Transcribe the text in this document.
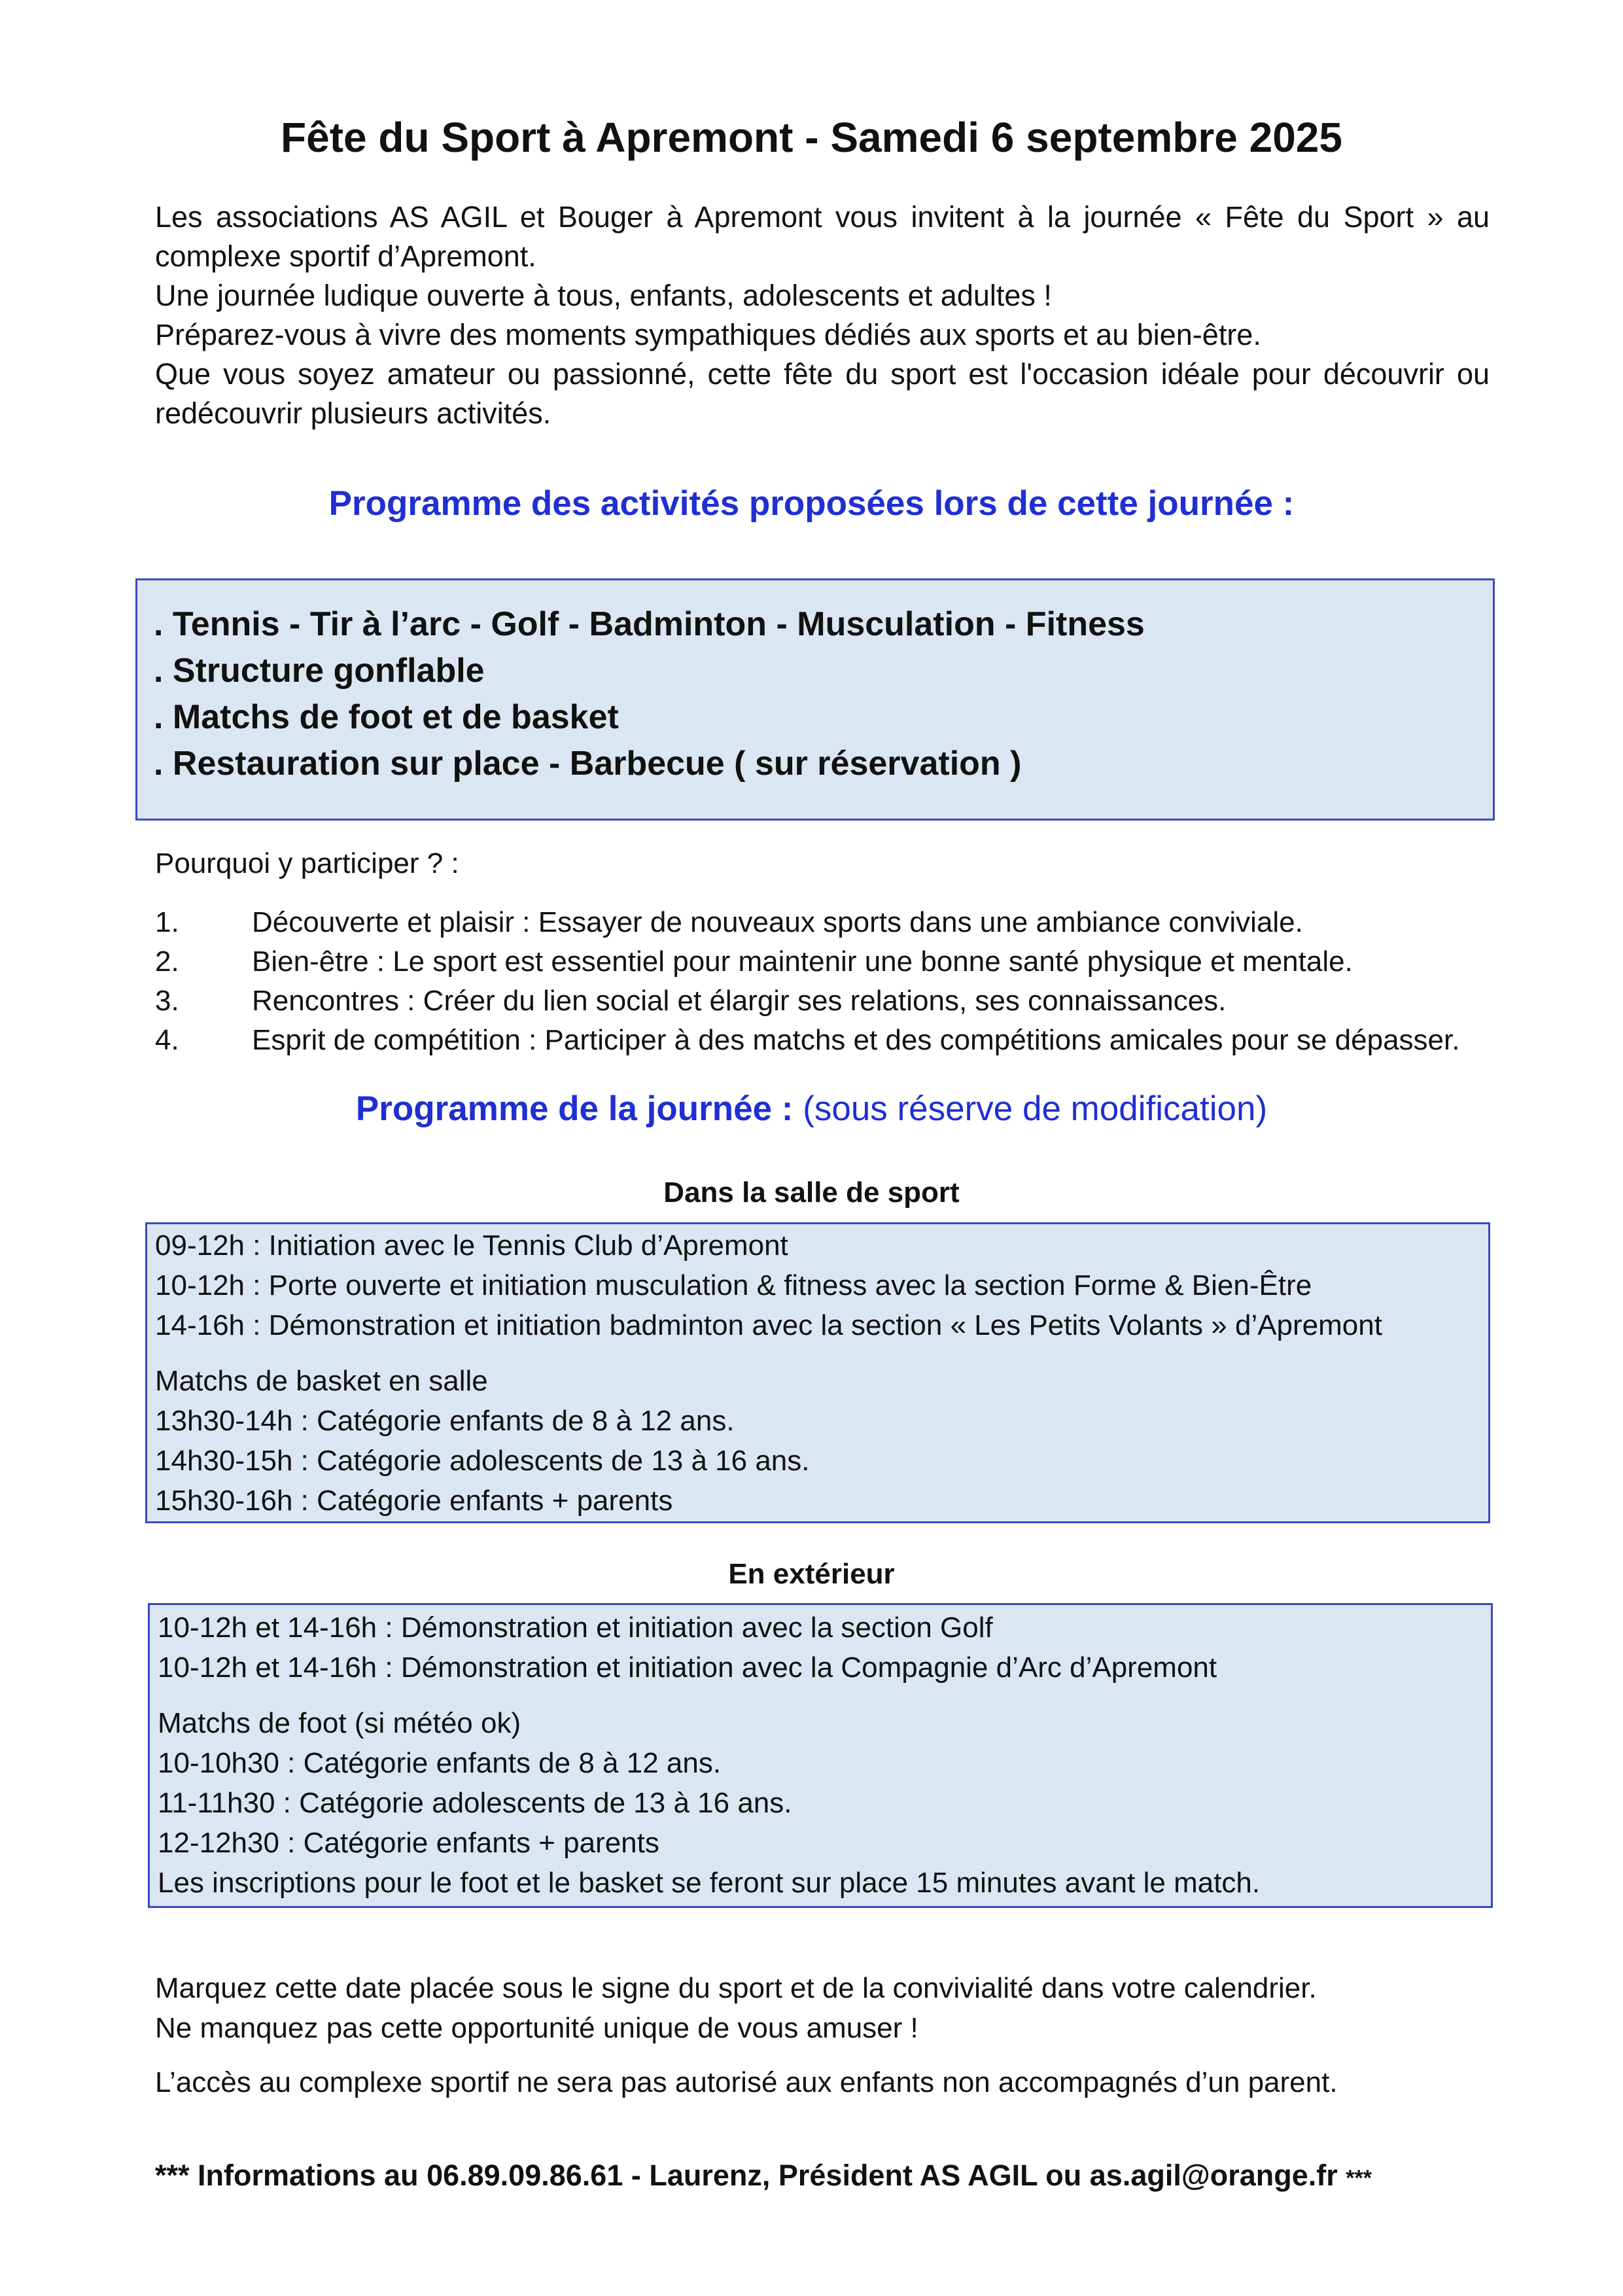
Fête du Sport à Apremont - Samedi 6 septembre 2025

Les associations AS AGIL et Bouger à Apremont vous invitent à la journée « Fête du Sport » au complexe sportif d’Apremont.

Une journée ludique ouverte à tous, enfants, adolescents et adultes !

Préparez-vous à vivre des moments sympathiques dédiés aux sports et au bien-être.

Que vous soyez amateur ou passionné, cette fête du sport est l'occasion idéale pour découvrir ou redécouvrir plusieurs activités.

Programme des activités proposées lors de cette journée :
. Tennis - Tir à l’arc - Golf - Badminton - Musculation - Fitness
. Structure gonflable
. Matchs de foot et de basket
. Restauration sur place - Barbecue ( sur réservation )
Pourquoi y participer ? :
1.	Découverte et plaisir : Essayer de nouveaux sports dans une ambiance conviviale.
2.	Bien-être : Le sport est essentiel pour maintenir une bonne santé physique et mentale.
3.	Rencontres : Créer du lien social et élargir ses relations, ses connaissances.
4.	Esprit de compétition : Participer à des matchs et des compétitions amicales pour se dépasser.
Programme de la journée : (sous réserve de modification)
Dans la salle de sport
09-12h : Initiation avec le Tennis Club d’Apremont
10-12h : Porte ouverte et initiation musculation & fitness avec la section Forme & Bien-Être
14-16h : Démonstration et initiation badminton avec la section « Les Petits Volants » d’Apremont
Matchs de basket en salle
13h30-14h : Catégorie enfants de 8 à 12 ans.
14h30-15h : Catégorie adolescents de 13 à 16 ans.
15h30-16h : Catégorie enfants + parents
En extérieur
10-12h et 14-16h : Démonstration et initiation avec la section Golf
10-12h et 14-16h : Démonstration et initiation avec la Compagnie d’Arc d’Apremont
Matchs de foot (si météo ok)
10-10h30 : Catégorie enfants de 8 à 12 ans.
11-11h30 : Catégorie adolescents de 13 à 16 ans.
12-12h30 : Catégorie enfants + parents
Les inscriptions pour le foot et le basket se feront sur place 15 minutes avant le match.

Marquez cette date placée sous le signe du sport et de la convivialité dans votre calendrier.

Ne manquez pas cette opportunité unique de vous amuser !

L’accès au complexe sportif ne sera pas autorisé aux enfants non accompagnés d’un parent.

*** Informations au 06.89.09.86.61 - Laurenz, Président AS AGIL ou as.agil@orange.fr ***
